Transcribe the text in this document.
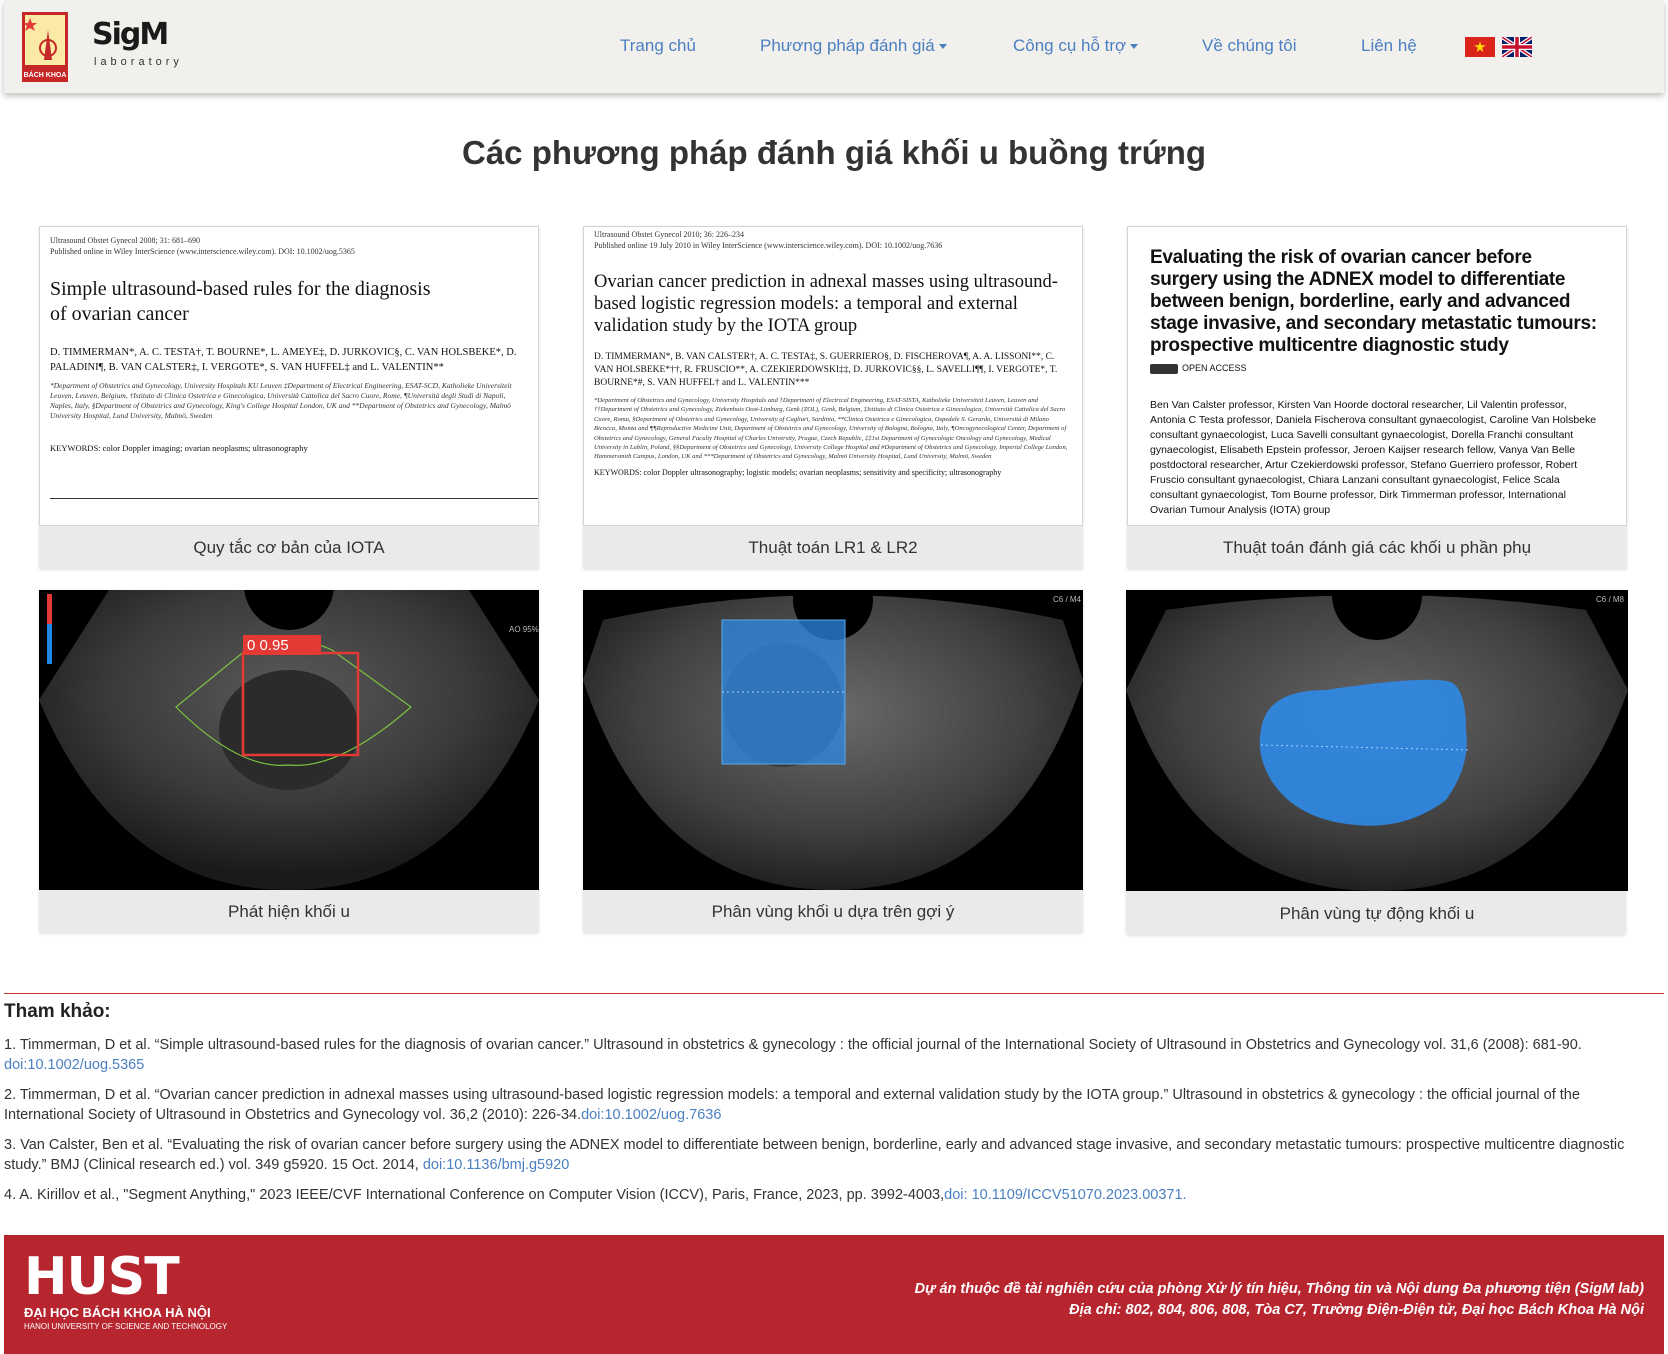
BÁCH KHOA
SigM
laboratory
Trang chủ	Phương pháp đánh giá	Công cụ hỗ trợ	Về chúng tôi	Liên hệ
Các phương pháp đánh giá khối u buồng trứng
Ultrasound Obstet Gynecol 2008; 31: 681–690
Published online in Wiley InterScience (www.interscience.wiley.com). DOI: 10.1002/uog.5365
Simple ultrasound-based rules for the diagnosis of ovarian cancer
D. TIMMERMAN*, A. C. TESTA†, T. BOURNE*, L. AMEYE‡, D. JURKOVIC§, C. VAN HOLSBEKE*, D. PALADINI¶, B. VAN CALSTER‡, I. VERGOTE*, S. VAN HUFFEL‡ and L. VALENTIN**
*Department of Obstetrics and Gynecology, University Hospitals KU Leuven ‡Department of Electrical Engineering, ESAT-SCD, Katholieke Universiteit Leuven, Leuven, Belgium, †Istituto di Clinica Ostetrica e Ginecologica, Università Cattolica del Sacro Cuore, Rome, ¶Università degli Studi di Napoli, Naples, Italy, §Department of Obstetrics and Gynecology, King's College Hospital London, UK and **Department of Obstetrics and Gynecology, Malmö University Hospital, Lund University, Malmö, Sweden
KEYWORDS: color Doppler imaging; ovarian neoplasms; ultrasonography
Quy tắc cơ bản của IOTA
Ultrasound Obstet Gynecol 2010; 36: 226–234
Published online 19 July 2010 in Wiley InterScience (www.interscience.wiley.com). DOI: 10.1002/uog.7636
Ovarian cancer prediction in adnexal masses using ultrasound-based logistic regression models: a temporal and external validation study by the IOTA group
D. TIMMERMAN*, B. VAN CALSTER†, A. C. TESTA‡, S. GUERRIERO§, D. FISCHEROVA¶, A. A. LISSONI**, C. VAN HOLSBEKE*††, R. FRUSCIO**, A. CZEKIERDOWSKI‡‡, D. JURKOVIC§§, L. SAVELLI¶¶, I. VERGOTE*, T. BOURNE*#, S. VAN HUFFEL† and L. VALENTIN***
*Department of Obstetrics and Gynecology, University Hospitals and †Department of Electrical Engineering, ESAT-SISTA, Katholieke Universiteit Leuven, Leuven and ††Department of Obstetrics and Gynecology, Ziekenhuis Oost-Limburg, Genk (ZOL), Genk, Belgium, ‡Istituto di Clinica Ostetrica e Ginecologica, Università Cattolica del Sacro Cuore, Roma, §Department of Obstetrics and Gynecology, University of Cagliari, Sardinia, **Clinica Ostetrica e Ginecologica, Ospedale S. Gerardo, Università di Milano Bicocca, Monza and ¶¶Reproductive Medicine Unit, Department of Obstetrics and Gynecology, University of Bologna, Bologna, Italy, ¶Oncogynecological Center, Department of Obstetrics and Gynecology, General Faculty Hospital of Charles University, Prague, Czech Republic, ‡‡1st Department of Gynecologic Oncology and Gynecology, Medical University in Lublin, Poland, §§Department of Obstetrics and Gynecology, University College Hospital and #Department of Obstetrics and Gynecology, Imperial College London, Hammersmith Campus, London, UK and ***Department of Obstetrics and Gynecology, Malmö University Hospital, Lund University, Malmö, Sweden
KEYWORDS: color Doppler ultrasonography; logistic models; ovarian neoplasms; sensitivity and specificity; ultrasonography
Thuật toán LR1 & LR2
Evaluating the risk of ovarian cancer before surgery using the ADNEX model to differentiate between benign, borderline, early and advanced stage invasive, and secondary metastatic tumours: prospective multicentre diagnostic study
OPEN ACCESS
Ben Van Calster professor, Kirsten Van Hoorde doctoral researcher, Lil Valentin professor, Antonia C Testa professor, Daniela Fischerova consultant gynaecologist, Caroline Van Holsbeke consultant gynaecologist, Luca Savelli consultant gynaecologist, Dorella Franchi consultant gynaecologist, Elisabeth Epstein professor, Jeroen Kaijser research fellow, Vanya Van Belle postdoctoral researcher, Artur Czekierdowski professor, Stefano Guerriero professor, Robert Fruscio consultant gynaecologist, Chiara Lanzani consultant gynaecologist, Felice Scala consultant gynaecologist, Tom Bourne professor, Dirk Timmerman professor, International Ovarian Tumour Analysis (IOTA) group
Thuật toán đánh giá các khối u phần phụ
0 0.95
AO 95%
Phát hiện khối u
C6 / M4
Phân vùng khối u dựa trên gợi ý
C6 / M8
Phân vùng tự động khối u
Tham khảo:
1. Timmerman, D et al. “Simple ultrasound-based rules for the diagnosis of ovarian cancer.” Ultrasound in obstetrics & gynecology : the official journal of the International Society of Ultrasound in Obstetrics and Gynecology vol. 31,6 (2008): 681-90. doi:10.1002/uog.5365
2. Timmerman, D et al. “Ovarian cancer prediction in adnexal masses using ultrasound-based logistic regression models: a temporal and external validation study by the IOTA group.” Ultrasound in obstetrics & gynecology : the official journal of the International Society of Ultrasound in Obstetrics and Gynecology vol. 36,2 (2010): 226-34.doi:10.1002/uog.7636
3. Van Calster, Ben et al. “Evaluating the risk of ovarian cancer before surgery using the ADNEX model to differentiate between benign, borderline, early and advanced stage invasive, and secondary metastatic tumours: prospective multicentre diagnostic study.” BMJ (Clinical research ed.) vol. 349 g5920. 15 Oct. 2014, doi:10.1136/bmj.g5920
4. A. Kirillov et al., "Segment Anything," 2023 IEEE/CVF International Conference on Computer Vision (ICCV), Paris, France, 2023, pp. 3992-4003,doi: 10.1109/ICCV51070.2023.00371.
HUST
ĐẠI HỌC BÁCH KHOA HÀ NỘI
HANOI UNIVERSITY OF SCIENCE AND TECHNOLOGY
Dự án thuộc đề tài nghiên cứu của phòng Xử lý tín hiệu, Thông tin và Nội dung Đa phương tiện (SigM lab)
Địa chỉ: 802, 804, 806, 808, Tòa C7, Trường Điện-Điện tử, Đại học Bách Khoa Hà Nội
